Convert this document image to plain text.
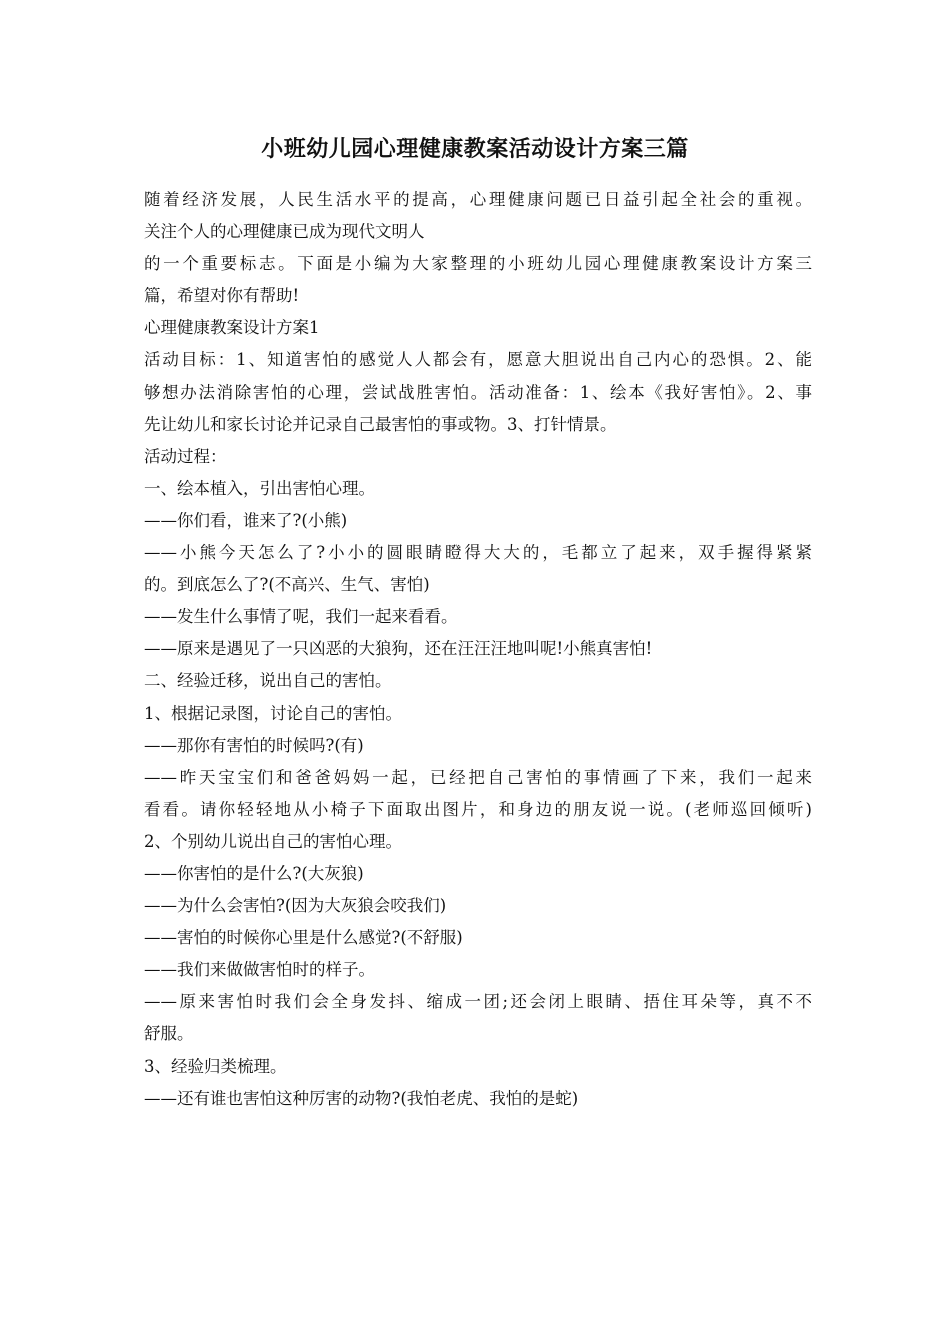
小班幼儿园心理健康教案活动设计方案三篇
随着经济发展，人民生活水平的提高，心理健康问题已日益引起全社会的重视。
关注个人的心理健康已成为现代文明人
的一个重要标志。下面是小编为大家整理的小班幼儿园心理健康教案设计方案三
篇，希望对你有帮助!
心理健康教案设计方案1
活动目标：1、知道害怕的感觉人人都会有，愿意大胆说出自己内心的恐惧。2、能
够想办法消除害怕的心理，尝试战胜害怕。活动准备：1、绘本《我好害怕》。2、事
先让幼儿和家长讨论并记录自己最害怕的事或物。3、打针情景。
活动过程：
一、绘本植入，引出害怕心理。
——你们看，谁来了?(小熊)
——小熊今天怎么了?小小的圆眼睛瞪得大大的，毛都立了起来，双手握得紧紧
的。到底怎么了?(不高兴、生气、害怕)
——发生什么事情了呢，我们一起来看看。
——原来是遇见了一只凶恶的大狼狗，还在汪汪汪地叫呢!小熊真害怕!
二、经验迁移，说出自己的害怕。
1、根据记录图，讨论自己的害怕。
——那你有害怕的时候吗?(有)
——昨天宝宝们和爸爸妈妈一起，已经把自己害怕的事情画了下来，我们一起来
看看。请你轻轻地从小椅子下面取出图片，和身边的朋友说一说。(老师巡回倾听)
2、个别幼儿说出自己的害怕心理。
——你害怕的是什么?(大灰狼)
——为什么会害怕?(因为大灰狼会咬我们)
——害怕的时候你心里是什么感觉?(不舒服)
——我们来做做害怕时的样子。
——原来害怕时我们会全身发抖、缩成一团;还会闭上眼睛、捂住耳朵等，真不不
舒服。
3、经验归类梳理。
——还有谁也害怕这种厉害的动物?(我怕老虎、我怕的是蛇)
